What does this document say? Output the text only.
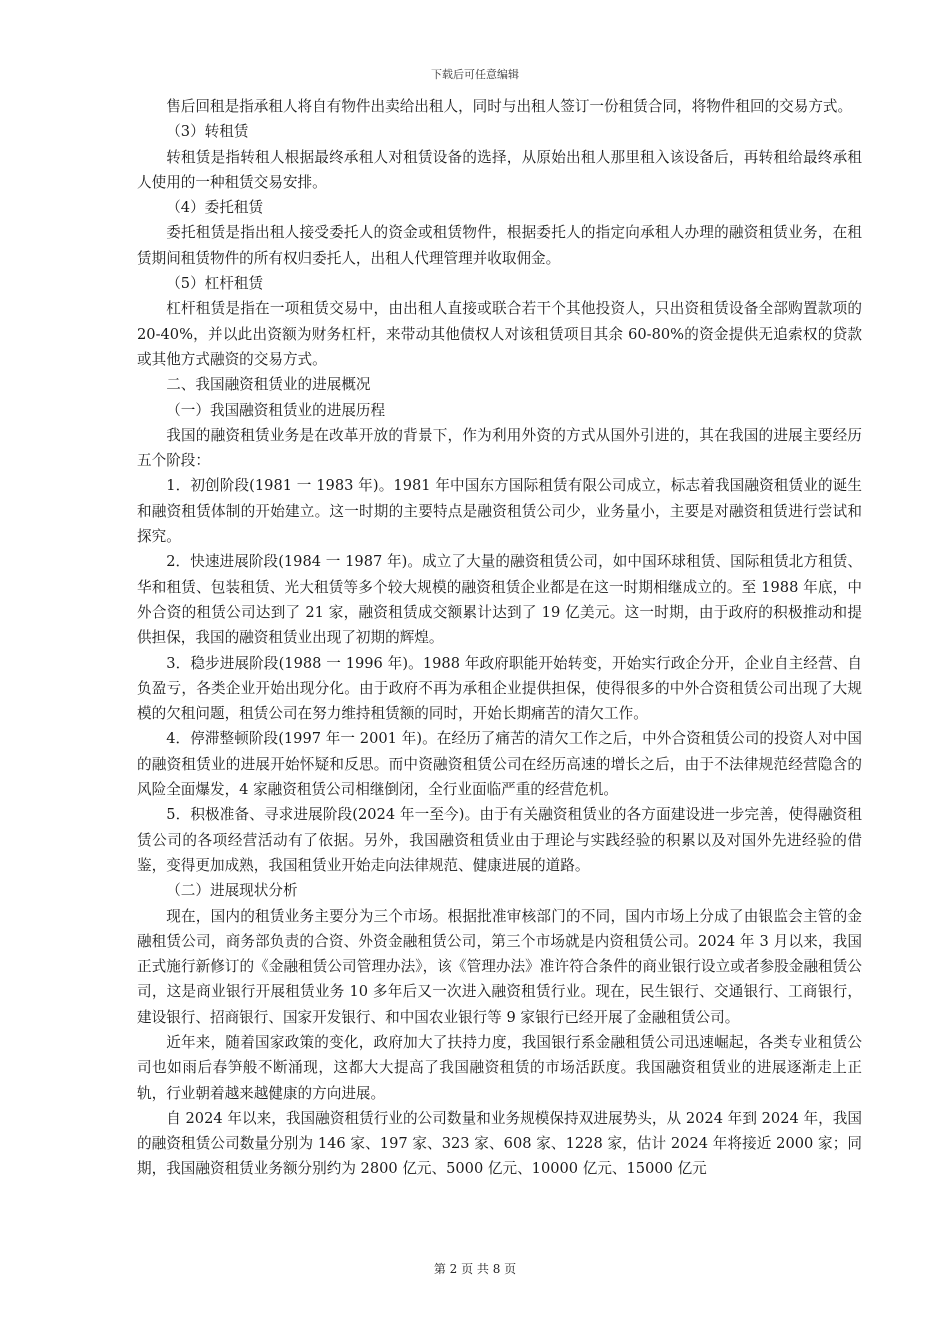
下载后可任意编辑

售后回租是指承租人将自有物件出卖给出租人，同时与出租人签订一份租赁合同，将物件租回的交易方式。

（3）转租赁

转租赁是指转租人根据最终承租人对租赁设备的选择，从原始出租人那里租入该设备后，再转租给最终承租人使用的一种租赁交易安排。

（4）委托租赁

委托租赁是指出租人接受委托人的资金或租赁物件，根据委托人的指定向承租人办理的融资租赁业务，在租赁期间租赁物件的所有权归委托人，出租人代理管理并收取佣金。

（5）杠杆租赁

杠杆租赁是指在一项租赁交易中，由出租人直接或联合若干个其他投资人，只出资租赁设备全部购置款项的 20-40%，并以此出资额为财务杠杆，来带动其他债权人对该租赁项目其余 60-80%的资金提供无追索权的贷款或其他方式融资的交易方式。

二、我国融资租赁业的进展概况

（一）我国融资租赁业的进展历程

我国的融资租赁业务是在改革开放的背景下，作为利用外资的方式从国外引进的，其在我国的进展主要经历五个阶段：

1．初创阶段(1981 一 1983 年)。1981 年中国东方国际租赁有限公司成立，标志着我国融资租赁业的诞生和融资租赁体制的开始建立。这一时期的主要特点是融资租赁公司少，业务量小，主要是对融资租赁进行尝试和探究。

2．快速进展阶段(1984 一 1987 年)。成立了大量的融资租赁公司，如中国环球租赁、国际租赁北方租赁、华和租赁、包装租赁、光大租赁等多个较大规模的融资租赁企业都是在这一时期相继成立的。至 1988 年底，中外合资的租赁公司达到了 21 家，融资租赁成交额累计达到了 19 亿美元。这一时期，由于政府的积极推动和提供担保，我国的融资租赁业出现了初期的辉煌。

3．稳步进展阶段(1988 一 1996 年)。1988 年政府职能开始转变，开始实行政企分开，企业自主经营、自负盈亏，各类企业开始出现分化。由于政府不再为承租企业提供担保，使得很多的中外合资租赁公司出现了大规模的欠租问题，租赁公司在努力维持租赁额的同时，开始长期痛苦的清欠工作。

4．停滞整顿阶段(1997 年一 2001 年)。在经历了痛苦的清欠工作之后，中外合资租赁公司的投资人对中国的融资租赁业的进展开始怀疑和反思。而中资融资租赁公司在经历高速的增长之后，由于不法律规范经营隐含的风险全面爆发，4 家融资租赁公司相继倒闭，全行业面临严重的经营危机。

5．积极准备、寻求进展阶段(2024 年一至今)。由于有关融资租赁业的各方面建设进一步完善，使得融资租赁公司的各项经营活动有了依据。另外，我国融资租赁业由于理论与实践经验的积累以及对国外先进经验的借鉴，变得更加成熟，我国租赁业开始走向法律规范、健康进展的道路。

（二）进展现状分析

现在，国内的租赁业务主要分为三个市场。根据批准审核部门的不同，国内市场上分成了由银监会主管的金融租赁公司，商务部负责的合资、外资金融租赁公司，第三个市场就是内资租赁公司。2024 年 3 月以来，我国正式施行新修订的《金融租赁公司管理办法》，该《管理办法》准许符合条件的商业银行设立或者参股金融租赁公司，这是商业银行开展租赁业务 10 多年后又一次进入融资租赁行业。现在，民生银行、交通银行、工商银行，建设银行、招商银行、国家开发银行、和中国农业银行等 9 家银行已经开展了金融租赁公司。

近年来，随着国家政策的变化，政府加大了扶持力度，我国银行系金融租赁公司迅速崛起，各类专业租赁公司也如雨后春笋般不断涌现，这都大大提高了我国融资租赁的市场活跃度。我国融资租赁业的进展逐渐走上正轨，行业朝着越来越健康的方向进展。

自 2024 年以来，我国融资租赁行业的公司数量和业务规模保持双进展势头，从 2024 年到 2024 年，我国的融资租赁公司数量分别为 146 家、197 家、323 家、608 家、1228 家，估计 2024 年将接近 2000 家；同期，我国融资租赁业务额分别约为 2800 亿元、5000 亿元、10000 亿元、15000 亿元

第 2 页 共 8 页
